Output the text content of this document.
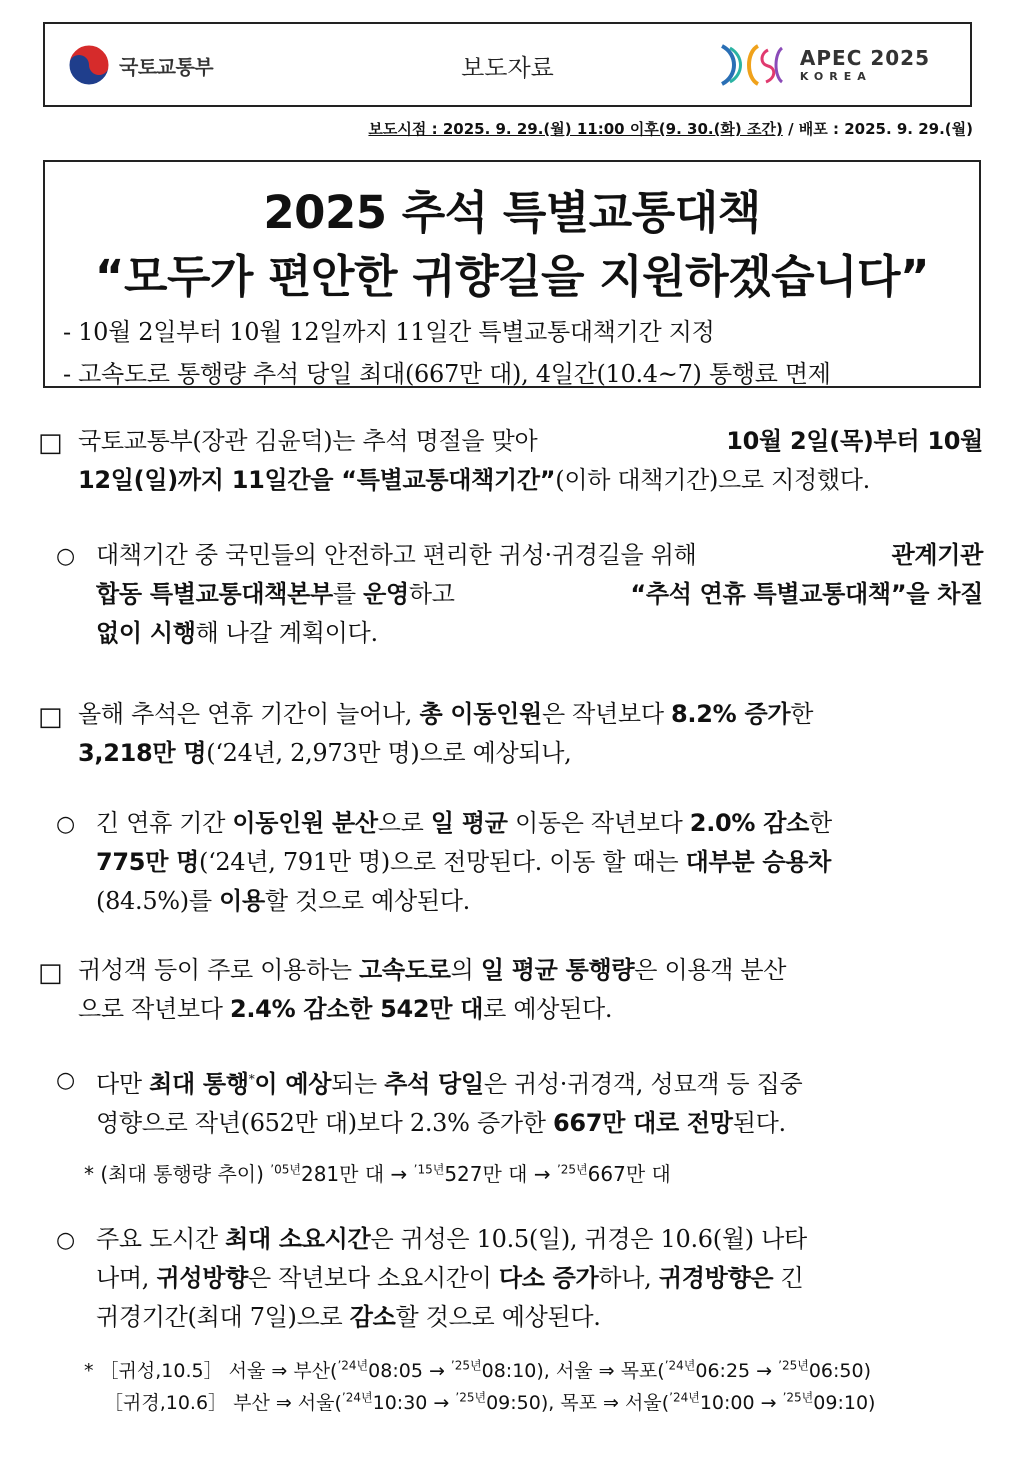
국토교통부	보도자료	APEC 2025
KOREA
보도시점 : 2025. 9. 29.(월) 11:00 이후(9. 30.(화) 조간) / 배포 : 2025. 9. 29.(월)
2025 추석 특별교통대책
“모두가 편안한 귀향길을 지원하겠습니다”
- 10월 2일부터 10월 12일까지 11일간 특별교통대책기간 지정
- 고속도로 통행량 추석 당일 최대(667만 대), 4일간(10.4~7) 통행료 면제
□ 국토교통부(장관 김윤덕)는 추석 명절을 맞아	10월 2일(목)부터 10월
12일(일)까지 11일간을 “특별교통대책기간”(이하 대책기간)으로 지정했다.
○ 대책기간 중 국민들의 안전하고 편리한 귀성·귀경길을 위해	관계기관
합동 특별교통대책본부를 운영하고	“추석 연휴 특별교통대책”을 차질
없이 시행해 나갈 계획이다.
□ 올해 추석은 연휴 기간이 늘어나, 총 이동인원은 작년보다 8.2% 증가한
3,218만 명(‘24년, 2,973만 명)으로 예상되나,
○ 긴 연휴 기간 이동인원 분산으로 일 평균 이동은 작년보다 2.0% 감소한
775만 명(‘24년, 791만 명)으로 전망된다. 이동 할 때는 대부분 승용차
(84.5%)를 이용할 것으로 예상된다.
□ 귀성객 등이 주로 이용하는 고속도로의 일 평균 통행량은 이용객 분산
으로 작년보다 2.4% 감소한 542만 대로 예상된다.
○ 다만 최대 통행*이 예상되는 추석 당일은 귀성·귀경객, 성묘객 등 집중
영향으로 작년(652만 대)보다 2.3% 증가한 667만 대로 전망된다.
* (최대 통행량 추이) $^{’05년}$281만 대 → $^{’15년}$527만 대 → $^{’25년}$667만 대
○ 주요 도시간 최대 소요시간은 귀성은 10.5(일), 귀경은 10.6(월) 나타
나며, 귀성방향은 작년보다 소요시간이 다소 증가하나, 귀경방향은 긴
귀경기간(최대 7일)으로 감소할 것으로 예상된다.
* ［귀성,10.5］ 서울 ⇒ 부산($^{’24년}$08:05 → $^{’25년}$08:10), 서울 ⇒ 목포($^{’24년}$06:25 → $^{’25년}$06:50)
［귀경,10.6］ 부산 ⇒ 서울($^{’24년}$10:30 → $^{’25년}$09:50), 목포 ⇒ 서울($^{’24년}$10:00 → $^{’25년}$09:10)
